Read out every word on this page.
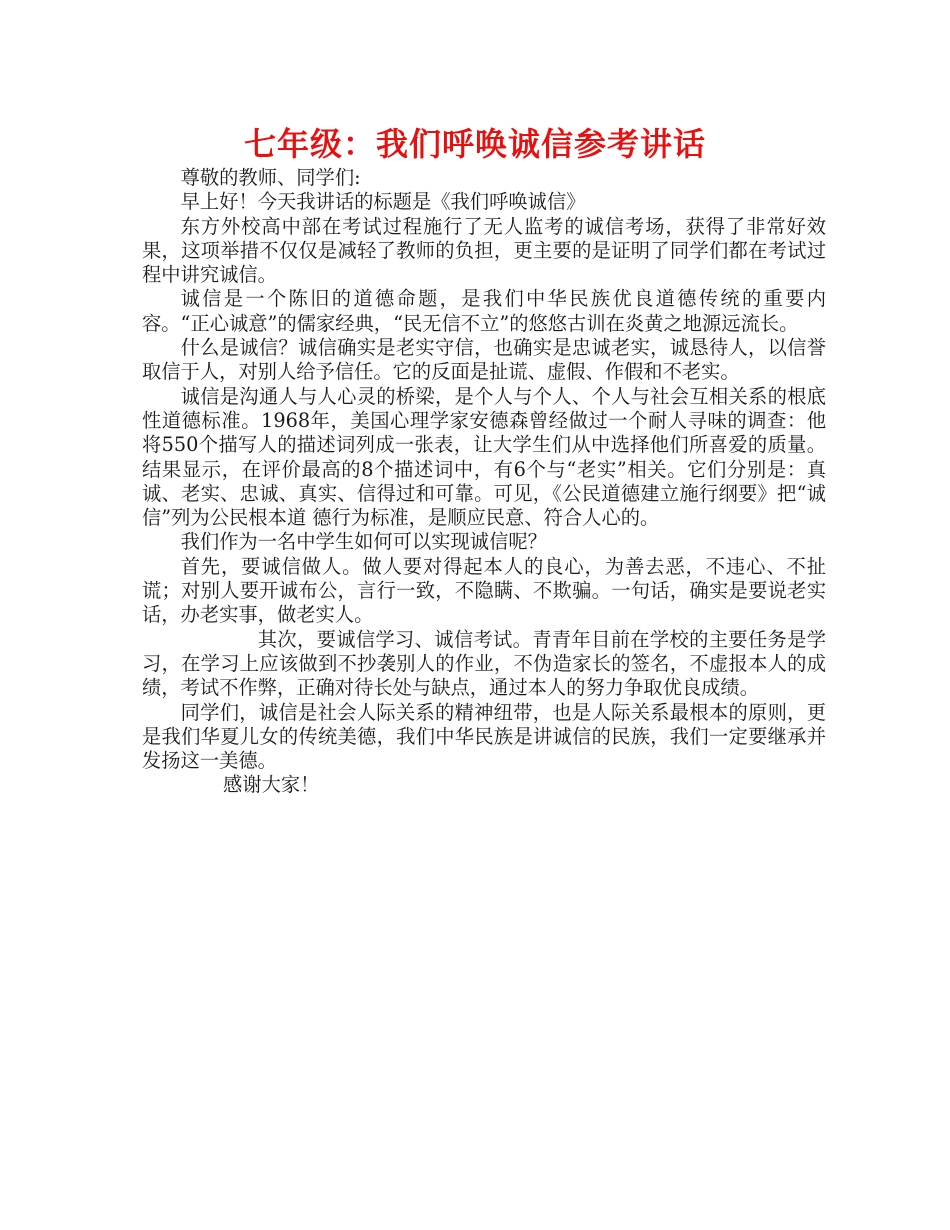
七年级：我们呼唤诚信参考讲话

尊敬的教师、同学们:

早上好！今天我讲话的标题是《我们呼唤诚信》

东方外校高中部在考试过程施行了无人监考的诚信考场，获得了非常好效果，这项举措不仅仅是减轻了教师的负担，更主要的是证明了同学们都在考试过程中讲究诚信。

诚信是一个陈旧的道德命题，是我们中华民族优良道德传统的重要内容。“正心诚意”的儒家经典，“民无信不立”的悠悠古训在炎黄之地源远流长。

什么是诚信？诚信确实是老实守信，也确实是忠诚老实，诚恳待人，以信誉取信于人，对别人给予信任。它的反面是扯谎、虚假、作假和不老实。

诚信是沟通人与人心灵的桥梁，是个人与个人、个人与社会互相关系的根底性道德标准。1968年，美国心理学家安德森曾经做过一个耐人寻味的调查：他将550个描写人的描述词列成一张表，让大学生们从中选择他们所喜爱的质量。结果显示，在评价最高的8个描述词中，有6个与“老实”相关。它们分别是：真诚、老实、忠诚、真实、信得过和可靠。可见，《公民道德建立施行纲要》把“诚信”列为公民根本道 德行为标准，是顺应民意、符合人心的。

我们作为一名中学生如何可以实现诚信呢？

首先，要诚信做人。做人要对得起本人的良心，为善去恶，不违心、不扯谎；对别人要开诚布公，言行一致，不隐瞒、不欺骗。一句话，确实是要说老实话，办老实事，做老实人。

其次，要诚信学习、诚信考试。青青年目前在学校的主要任务是学习，在学习上应该做到不抄袭别人的作业，不伪造家长的签名，不虚报本人的成绩，考试不作弊，正确对待长处与缺点，通过本人的努力争取优良成绩。

同学们，诚信是社会人际关系的精神纽带，也是人际关系最根本的原则，更是我们华夏儿女的传统美德，我们中华民族是讲诚信的民族，我们一定要继承并发扬这一美德。

感谢大家！
